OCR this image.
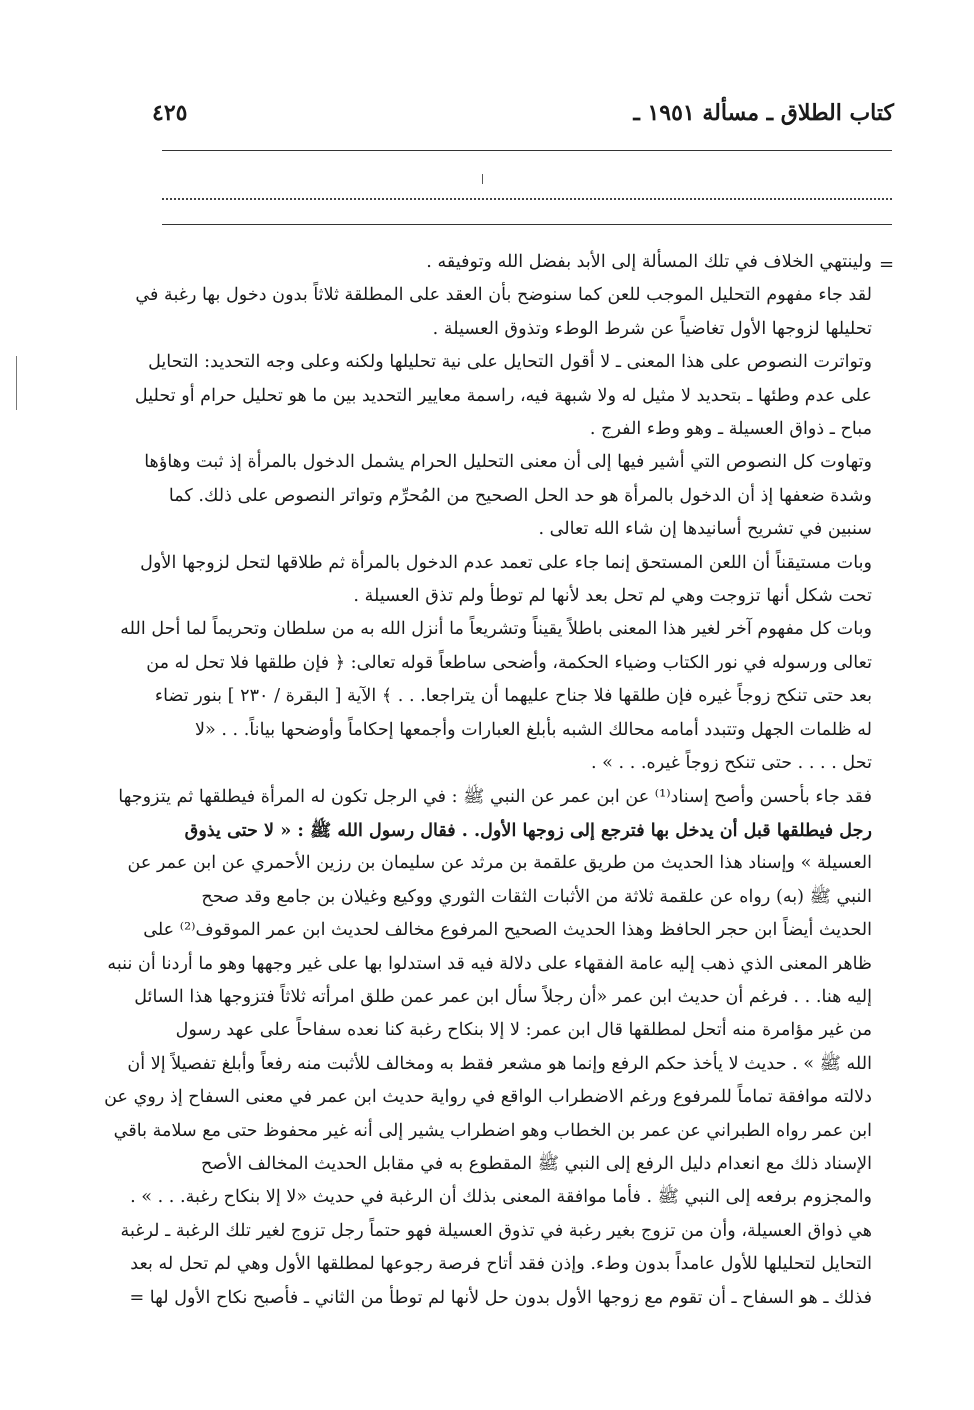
كتاب الطلاق ـ مسألة ١٩٥١ ـ
٤٢٥
=
ولينتهي الخلاف في تلك المسألة إلى الأبد بفضل الله وتوفيقه .
لقد جاء مفهوم التحليل الموجب للعن كما سنوضح بأن العقد على المطلقة ثلاثاً بدون دخول بها رغبة في
تحليلها لزوجها الأول تغاضياً عن شرط الوطء وتذوق العسيلة .
وتواترت النصوص على هذا المعنى ـ لا أقول التحايل على نية تحليلها ولكنه وعلى وجه التحديد: التحايل
على عدم وطئها ـ بتحديد لا مثيل له ولا شبهة فيه، راسمة معايير التحديد بين ما هو تحليل حرام أو تحليل
مباح ـ ذواق العسيلة ـ وهو وطء الفرج .
وتهاوت كل النصوص التي أشير فيها إلى أن معنى التحليل الحرام يشمل الدخول بالمرأة إذ ثبت وهاؤها
وشدة ضعفها إذ أن الدخول بالمرأة هو حد الحل الصحيح من المُحرِّم وتواتر النصوص على ذلك. كما
سنبين في تشريح أسانيدها إن شاء الله تعالى .
وبات مستيقناً أن اللعن المستحق إنما جاء على تعمد عدم الدخول بالمرأة ثم طلاقها لتحل لزوجها الأول
تحت شكل أنها تزوجت وهي لم تحل بعد لأنها لم توطأ ولم تذق العسيلة .
وبات كل مفهوم آخر لغير هذا المعنى باطلاً يقيناً وتشريعاً ما أنزل الله به من سلطان وتحريماً لما أحل الله
تعالى ورسوله في نور الكتاب وضياء الحكمة، وأضحى ساطعاً قوله تعالى: ﴿ فإن طلقها فلا تحل له من
بعد حتى تنكح زوجاً غيره فإن طلقها فلا جناح عليهما أن يتراجعا. . . ﴾ الآية [ البقرة / ٢٣٠ ] بنور تضاء
له ظلمات الجهل وتتبدد أمامه محالك الشبه بأبلغ العبارات وأجمعها إحكاماً وأوضحها بياناً. . . «لا
تحل . . . . حتى تنكح زوجاً غيره. . . » .
فقد جاء بأحسن وأصح إسناد⁽¹⁾ عن ابن عمر عن النبي ﷺ : في الرجل تكون له المرأة فيطلقها ثم يتزوجها
رجل فيطلقها قبل أن يدخل بها فترجع إلى زوجها الأول. . فقال رسول الله ﷺ : « لا حتى يذوق
العسيلة » وإسناد هذا الحديث من طريق علقمة بن مرثد عن سليمان بن رزين الأحمري عن ابن عمر عن
النبي ﷺ (به) رواه عن علقمة ثلاثة من الأثبات الثقات الثوري ووكيع وغيلان بن جامع وقد صحح
الحديث أيضاً ابن حجر الحافظ وهذا الحديث الصحيح المرفوع مخالف لحديث ابن عمر الموقوف⁽²⁾ على
ظاهر المعنى الذي ذهب إليه عامة الفقهاء على دلالة فيه قد استدلوا بها على غير وجهها وهو ما أردنا أن ننبه
إليه هنا. . . فرغم أن حديث ابن عمر «أن رجلاً سأل ابن عمر عمن طلق امرأته ثلاثاً فتزوجها هذا السائل
من غير مؤامرة منه أتحل لمطلقها قال ابن عمر: لا إلا بنكاح رغبة كنا نعده سفاحاً على عهد رسول
الله ﷺ » . حديث لا يأخذ حكم الرفع وإنما هو مشعر فقط به ومخالف للأثبت منه رفعاً وأبلغ تفصيلاً إلا أن
دلالته موافقة تماماً للمرفوع ورغم الاضطراب الواقع في رواية حديث ابن عمر في معنى السفاح إذ روي عن
ابن عمر رواه الطبراني عن عمر بن الخطاب وهو اضطراب يشير إلى أنه غير محفوظ حتى مع سلامة باقي
الإسناد ذلك مع انعدام دليل الرفع إلى النبي ﷺ المقطوع به في مقابل الحديث المخالف الأصح
والمجزوم برفعه إلى النبي ﷺ . فأما موافقة المعنى بذلك أن الرغبة في حديث «لا إلا بنكاح رغبة. . . » .
هي ذواق العسيلة، وأن من تزوج بغير رغبة في تذوق العسيلة فهو حتماً رجل تزوج لغير تلك الرغبة ـ لرغبة
التحايل لتحليلها للأول عامداً بدون وطء. وإذن فقد أتاح فرصة رجوعها لمطلقها الأول وهي لم تحل له بعد
فذلك ـ هو السفاح ـ أن تقوم مع زوجها الأول بدون حل لأنها لم توطأ من الثاني ـ فأصبح نكاح الأول لها =
